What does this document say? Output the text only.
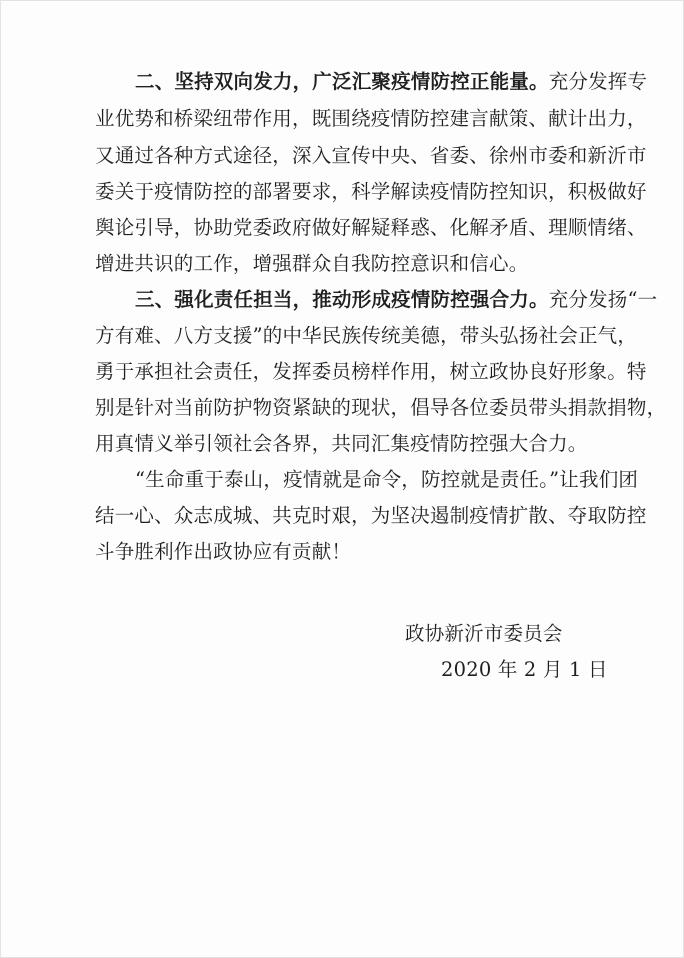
二、坚持双向发力，广泛汇聚疫情防控正能量。充分发挥专
业优势和桥梁纽带作用，既围绕疫情防控建言献策、献计出力，
又通过各种方式途径，深入宣传中央、省委、徐州市委和新沂市
委关于疫情防控的部署要求，科学解读疫情防控知识，积极做好
舆论引导，协助党委政府做好解疑释惑、化解矛盾、理顺情绪、
增进共识的工作，增强群众自我防控意识和信心。
三、强化责任担当，推动形成疫情防控强合力。充分发扬“一
方有难、八方支援”的中华民族传统美德，带头弘扬社会正气，
勇于承担社会责任，发挥委员榜样作用，树立政协良好形象。特
别是针对当前防护物资紧缺的现状，倡导各位委员带头捐款捐物，
用真情义举引领社会各界，共同汇集疫情防控强大合力。
“生命重于泰山，疫情就是命令，防控就是责任。”让我们团
结一心、众志成城、共克时艰，为坚决遏制疫情扩散、夺取防控
斗争胜利作出政协应有贡献！
政协新沂市委员会
2020 年 2 月 1 日
